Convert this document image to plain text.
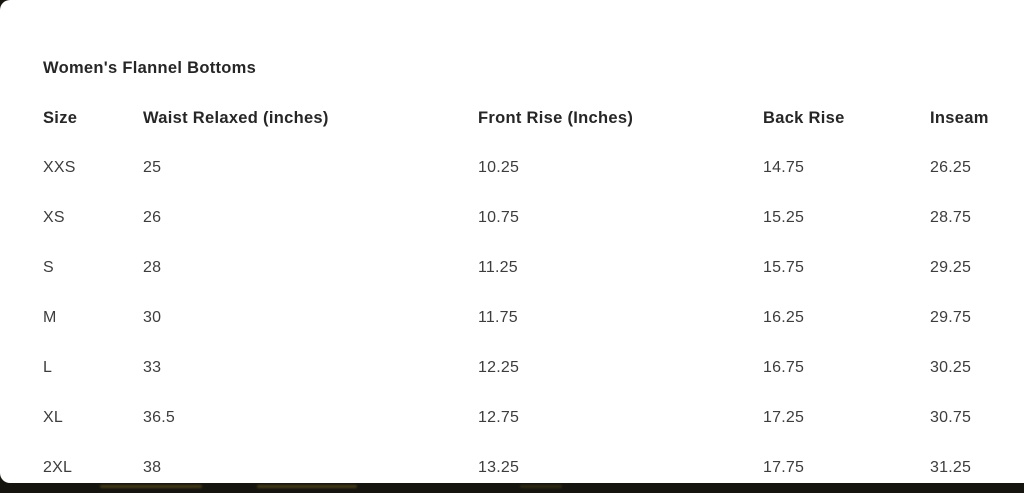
Women's Flannel Bottoms
Size	Waist Relaxed (inches)	Front Rise (Inches)	Back Rise	Inseam
XXS	25	10.25	14.75	26.25
XS	26	10.75	15.25	28.75
S	28	11.25	15.75	29.25
M	30	11.75	16.25	29.75
L	33	12.25	16.75	30.25
XL	36.5	12.75	17.25	30.75
2XL	38	13.25	17.75	31.25
